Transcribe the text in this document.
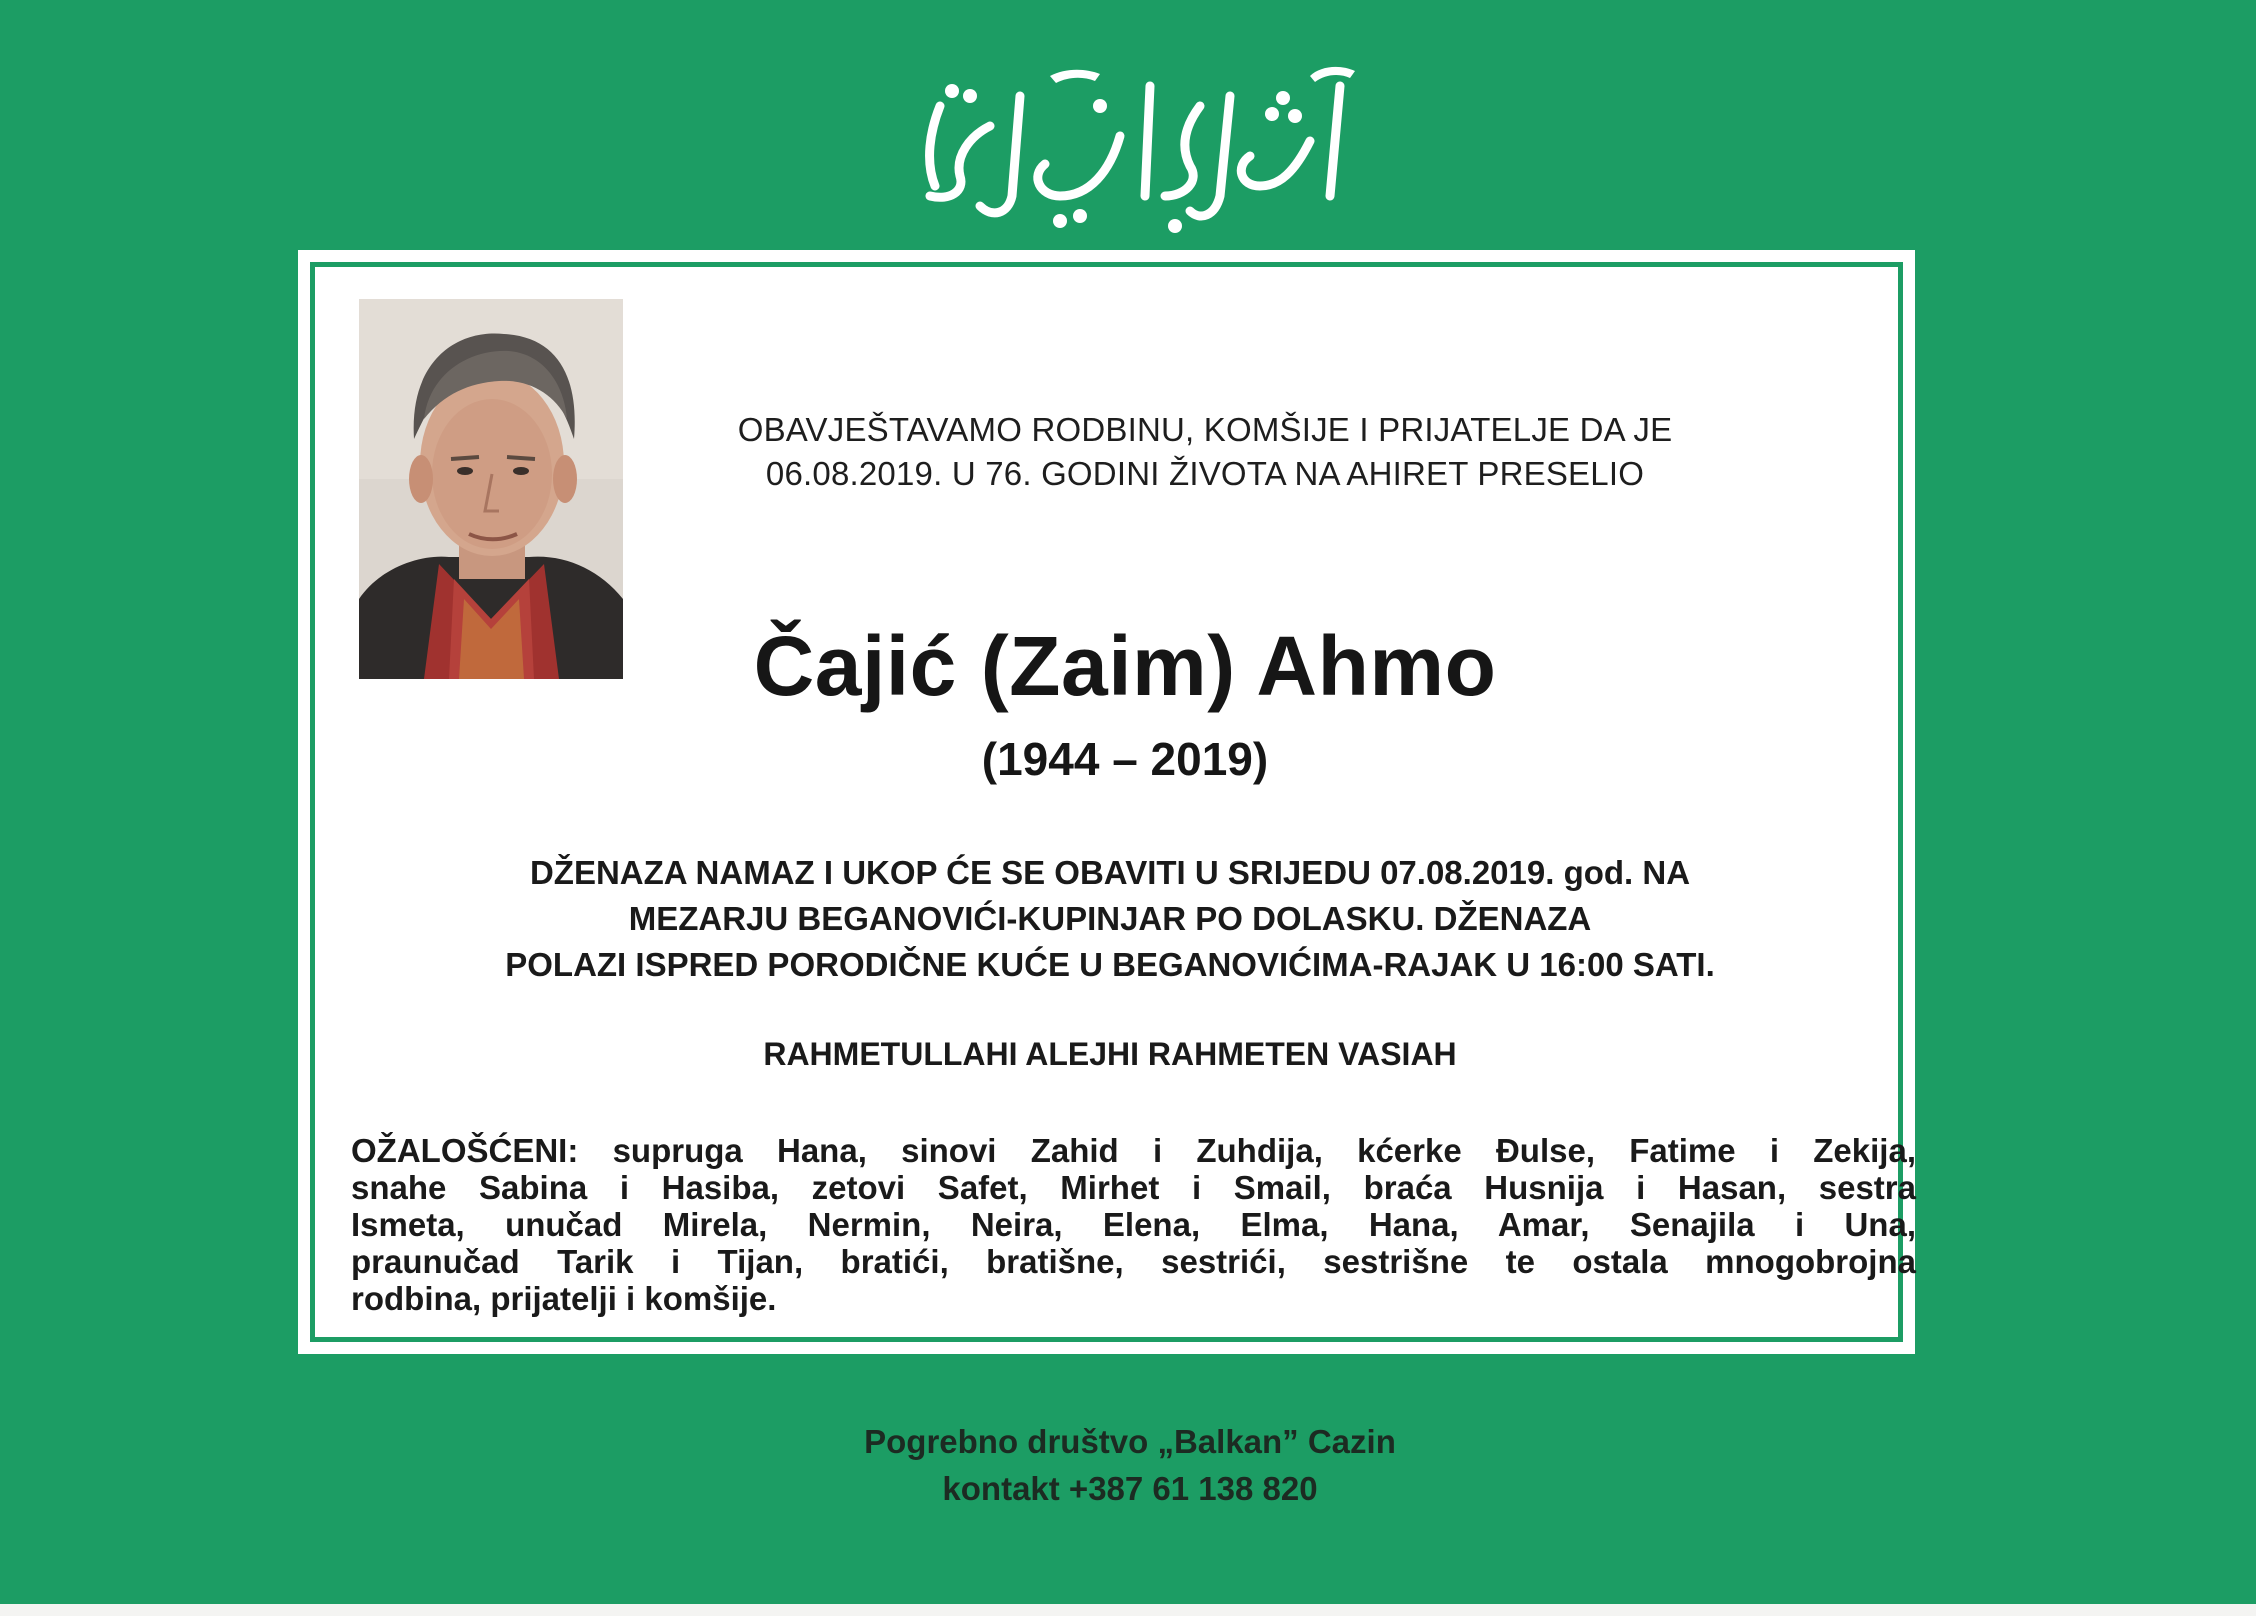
OBAVJEŠTAVAMO RODBINU, KOMŠIJE I PRIJATELJE DA JE
06.08.2019. U 76. GODINI ŽIVOTA NA AHIRET PRESELIO
Čajić (Zaim) Ahmo
(1944 – 2019)
DŽENAZA NAMAZ I UKOP ĆE SE OBAVITI U SRIJEDU 07.08.2019. god. NA
MEZARJU BEGANOVIĆI-KUPINJAR PO DOLASKU. DŽENAZA
POLAZI ISPRED PORODIČNE KUĆE U BEGANOVIĆIMA-RAJAK U 16:00 SATI.
RAHMETULLAHI ALEJHI RAHMETEN VASIAH
OŽALOŠĆENI: supruga Hana, sinovi Zahid i Zuhdija, kćerke Đulse, Fatime i Zekija,
snahe Sabina i Hasiba, zetovi Safet, Mirhet i Smail, braća Husnija i Hasan, sestra
Ismeta, unučad Mirela, Nermin, Neira, Elena, Elma, Hana, Amar, Senajila i Una,
praunučad Tarik i Tijan, bratići, bratišne, sestrići, sestrišne te ostala mnogobrojna
rodbina, prijatelji i komšije.
Pogrebno društvo „Balkan” Cazin
kontakt +387 61 138 820
